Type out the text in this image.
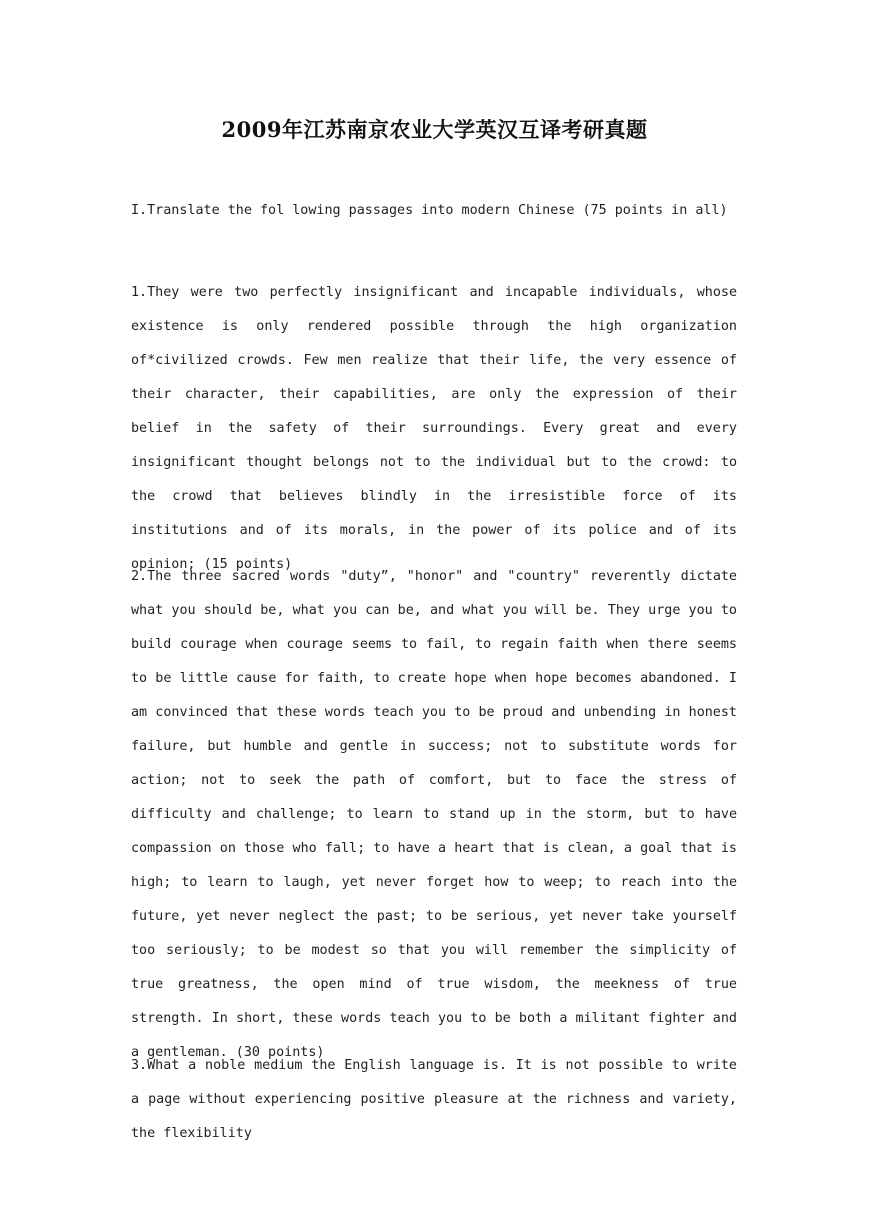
2009年江苏南京农业大学英汉互译考研真题
I.Translate the fol lowing passages into modern Chinese (75 points in all)
1.They were two perfectly insignificant and incapable individuals, whose existence is only rendered possible through the high organization of*civilized crowds. Few men realize that their life, the very essence of their character, their capabilities, are only the expression of their belief in the safety of their surroundings. Every great and every insignificant thought belongs not to the individual but to the crowd: to the crowd that believes blindly in the irresistible force of its institutions and of its morals, in the power of its police and of its opinion; (15 points)
2.The three sacred words "duty”, "honor" and "country" reverently dictate what you should be, what you can be, and what you will be. They urge you to build courage when courage seems to fail, to regain faith when there seems to be little cause for faith, to create hope when hope becomes abandoned. I am convinced that these words teach you to be proud and unbending in honest failure, but humble and gentle in success; not to substitute words for action; not to seek the path of comfort, but to face the stress of difficulty and challenge; to learn to stand up in the storm, but to have compassion on those who fall; to have a heart that is clean, a goal that is high; to learn to laugh, yet never forget how to weep; to reach into the future, yet never neglect the past; to be serious, yet never take yourself too seriously; to be modest so that you will remember the simplicity of true greatness, the open mind of true wisdom, the meekness of true strength. In short, these words teach you to be both a militant fighter and a gentleman. (30 points)
3.What a noble medium the English language is. It is not possible to write a page without experiencing positive pleasure at the richness and variety, the flexibility
